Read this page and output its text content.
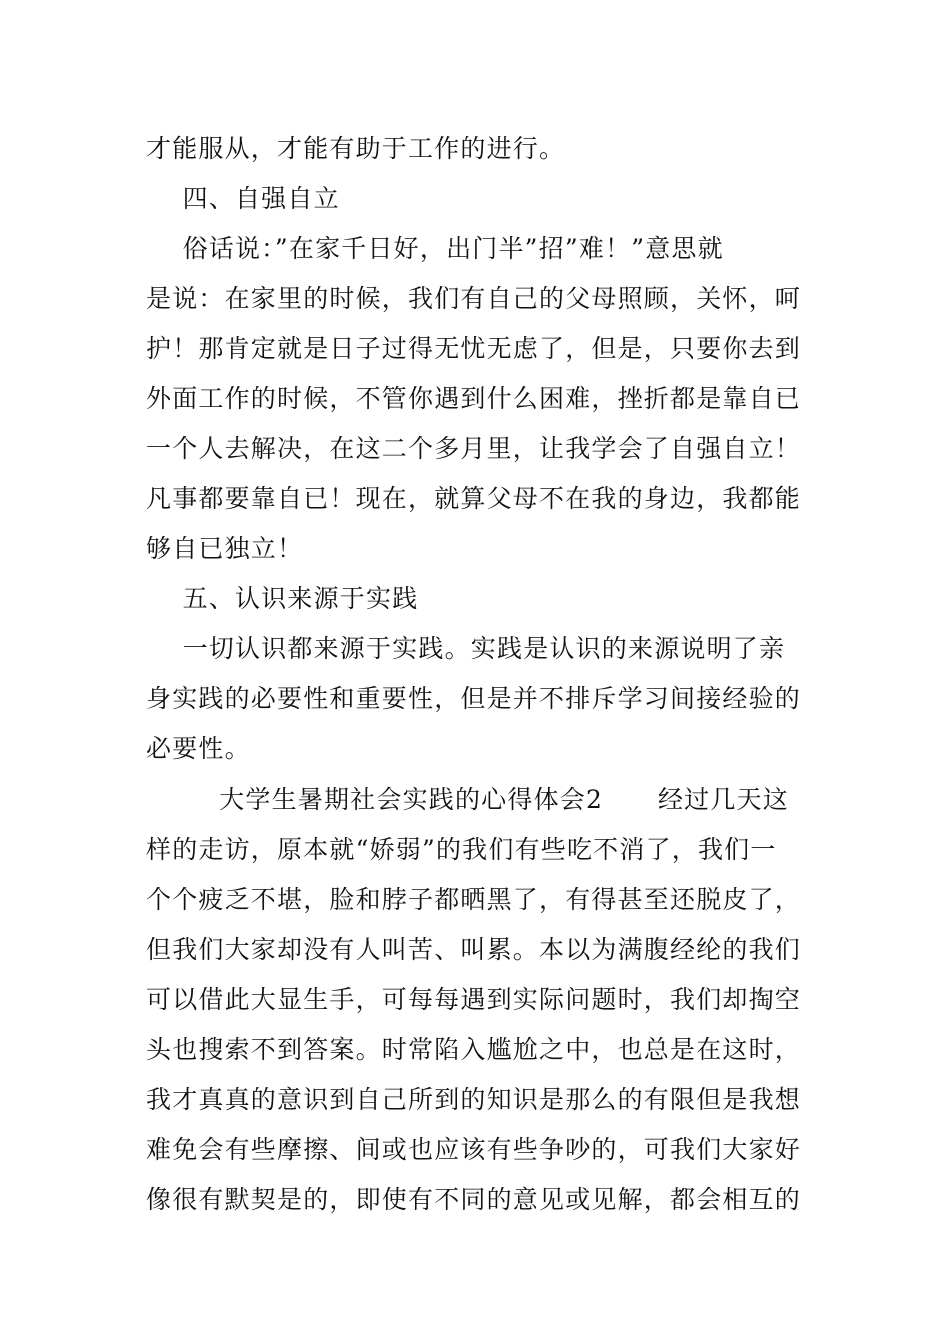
才能服从，才能有助于工作的进行。
四、自强自立
俗话说：”在家千日好，出门半”招”难！”意思就
是说：在家里的时候，我们有自己的父母照顾，关怀，呵
护！那肯定就是日子过得无忧无虑了，但是，只要你去到
外面工作的时候，不管你遇到什么困难，挫折都是靠自已
一个人去解决，在这二个多月里，让我学会了自强自立！
凡事都要靠自已！现在，就算父母不在我的身边，我都能
够自已独立！
五、认识来源于实践
一切认识都来源于实践。实践是认识的来源说明了亲
身实践的必要性和重要性，但是并不排斥学习间接经验的
必要性。
大学生暑期社会实践的心得体会2      经过几天这
样的走访，原本就“娇弱”的我们有些吃不消了，我们一
个个疲乏不堪，脸和脖子都晒黑了，有得甚至还脱皮了，
但我们大家却没有人叫苦、叫累。本以为满腹经纶的我们
可以借此大显生手，可每每遇到实际问题时，我们却掏空
头也搜索不到答案。时常陷入尴尬之中，也总是在这时，
我才真真的意识到自己所到的知识是那么的有限但是我想
难免会有些摩擦、间或也应该有些争吵的，可我们大家好
像很有默契是的，即使有不同的意见或见解，都会相互的
